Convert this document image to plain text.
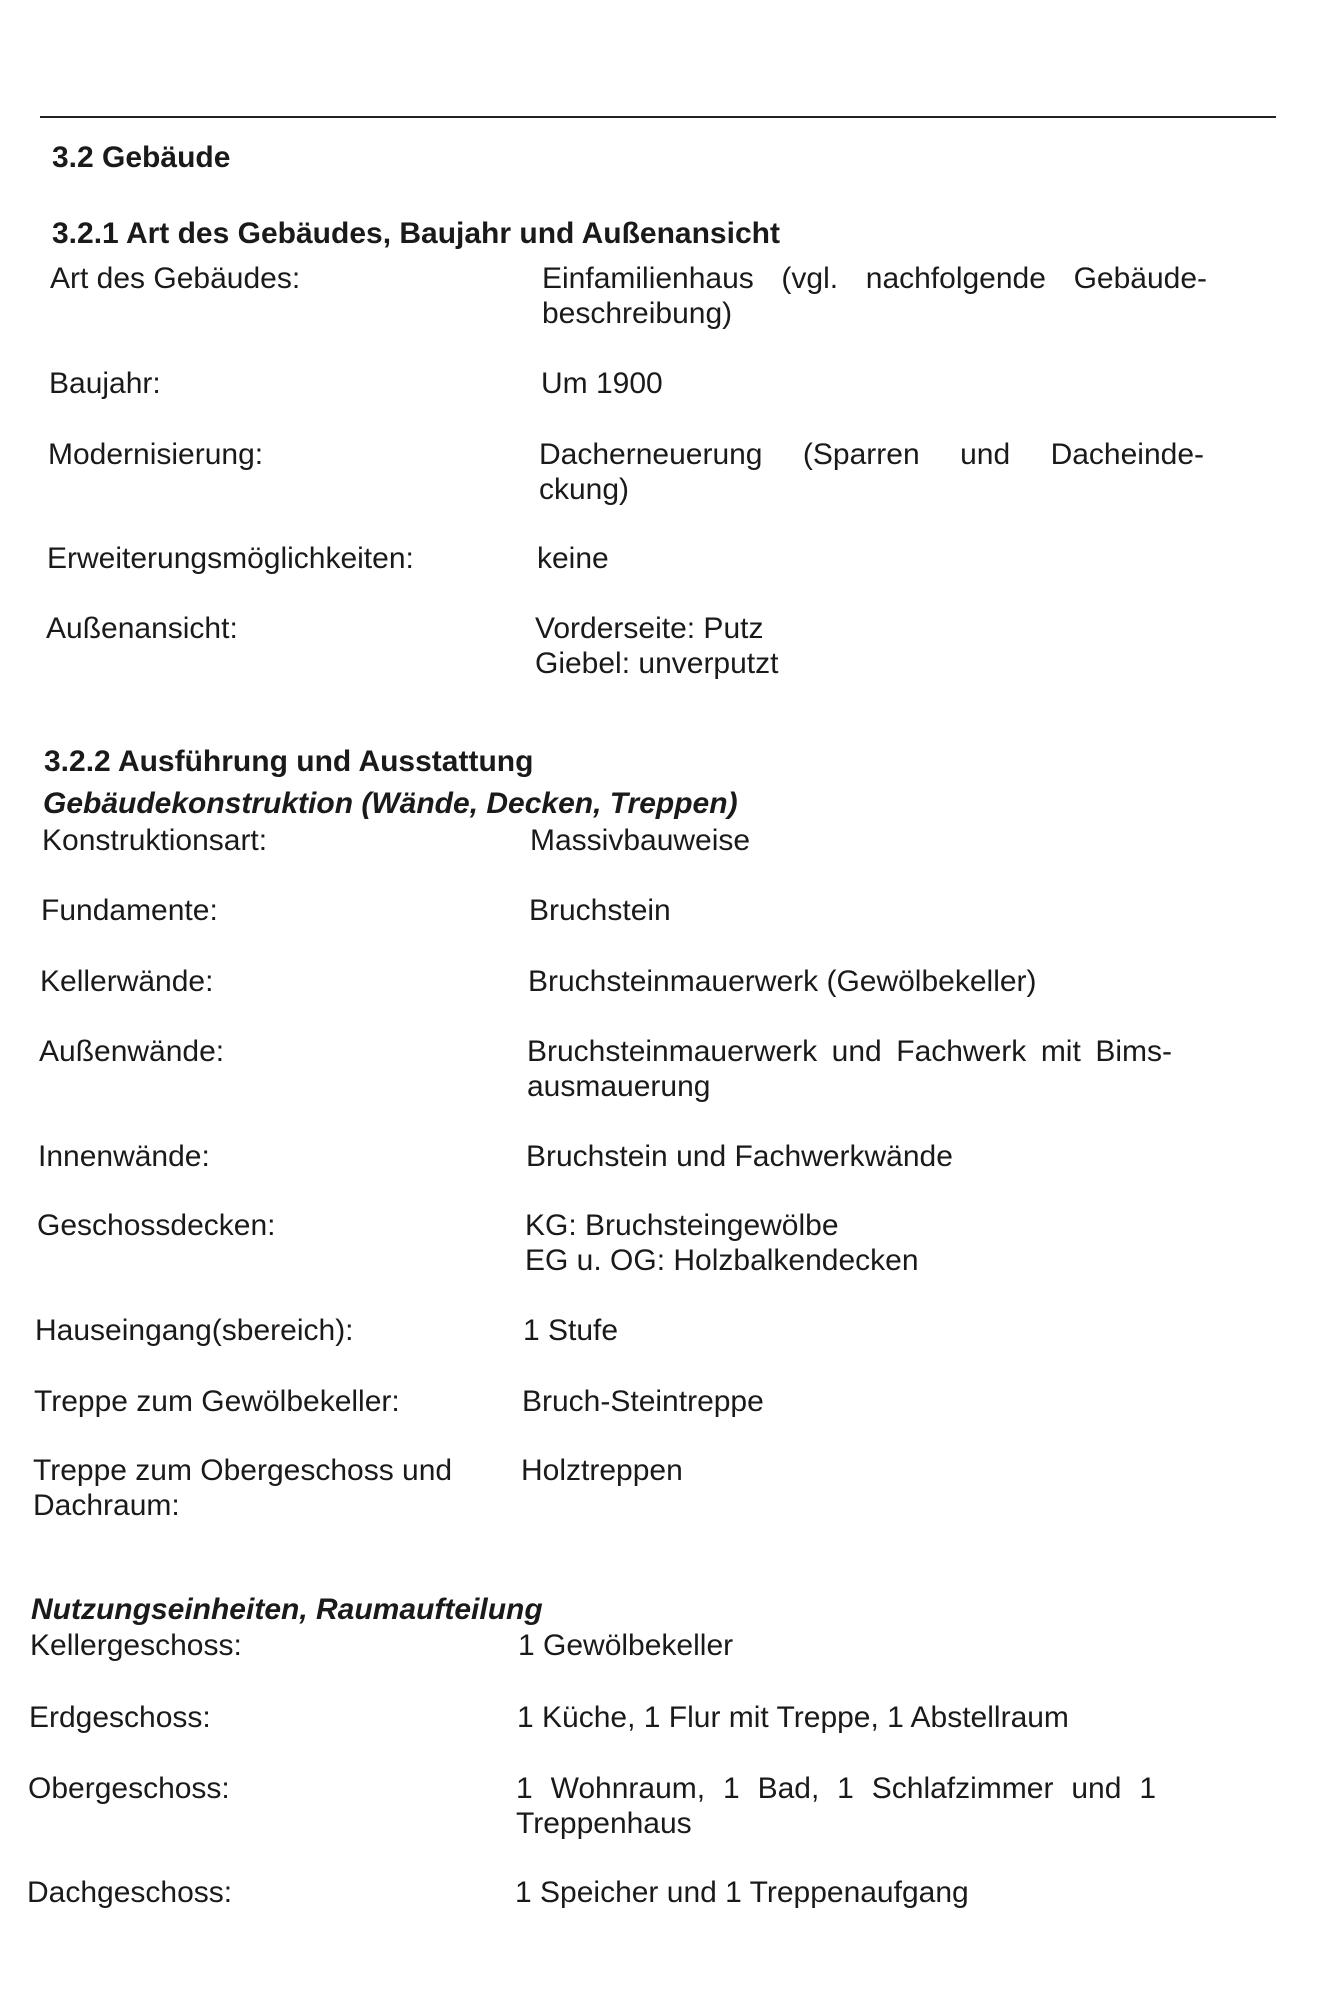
3.2 Gebäude
3.2.1 Art des Gebäudes, Baujahr und Außenansicht
Art des Gebäudes:	Einfamilienhaus (vgl. nachfolgende Gebäude-
beschreibung)
Baujahr:	Um 1900
Modernisierung:	Dacherneuerung (Sparren und Dacheinde-
ckung)
Erweiterungsmöglichkeiten:	keine
Außenansicht:	Vorderseite: Putz
Giebel: unverputzt
3.2.2 Ausführung und Ausstattung
Gebäudekonstruktion (Wände, Decken, Treppen)
Konstruktionsart:	Massivbauweise
Fundamente:	Bruchstein
Kellerwände:	Bruchsteinmauerwerk (Gewölbekeller)
Außenwände:	Bruchsteinmauerwerk und Fachwerk mit Bims-
ausmauerung
Innenwände:	Bruchstein und Fachwerkwände
Geschossdecken:	KG: Bruchsteingewölbe
EG u. OG: Holzbalkendecken
Hauseingang(sbereich):	1 Stufe
Treppe zum Gewölbekeller:	Bruch-Steintreppe
Treppe zum Obergeschoss und
Dachraum:
Holztreppen
Nutzungseinheiten, Raumaufteilung
Kellergeschoss:	1 Gewölbekeller
Erdgeschoss:	1 Küche, 1 Flur mit Treppe, 1 Abstellraum
Obergeschoss:	1 Wohnraum, 1 Bad, 1 Schlafzimmer und 1
Treppenhaus
Dachgeschoss:	1 Speicher und 1 Treppenaufgang
